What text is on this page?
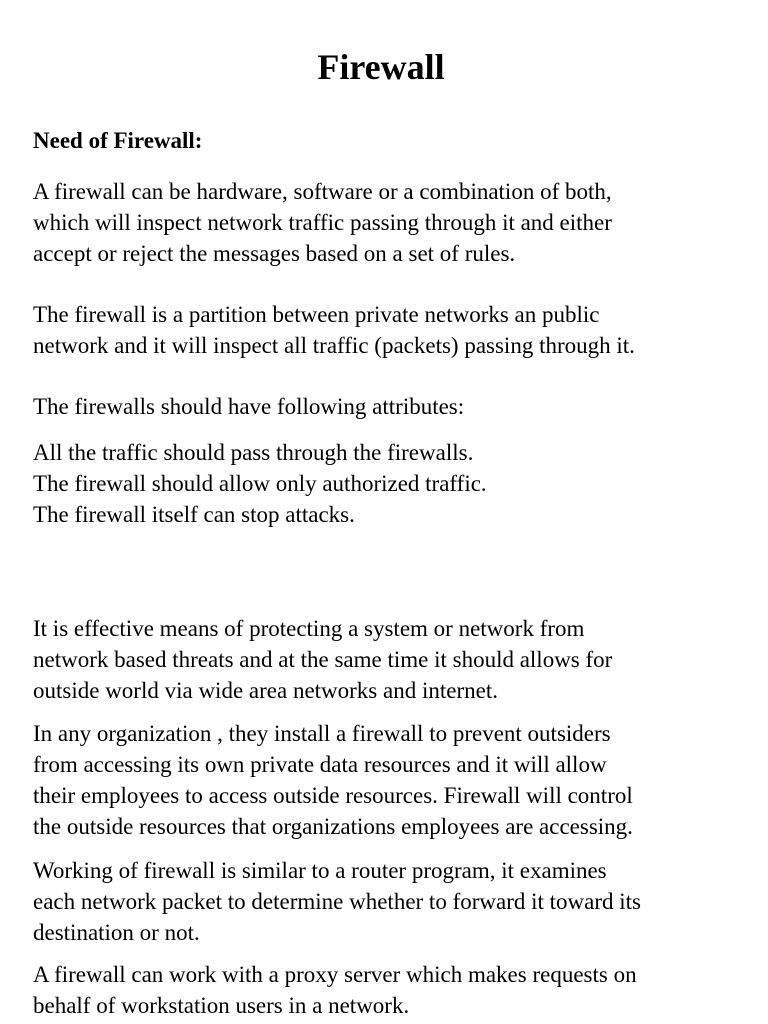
Firewall
Need of Firewall:

A firewall can be hardware, software or a combination of both,
which will inspect network traffic passing through it and either
accept or reject the messages based on a set of rules.

The firewall is a partition between private networks an public
network and it will inspect all traffic (packets) passing through it.

The firewalls should have following attributes:

All the traffic should pass through the firewalls.
The firewall should allow only authorized traffic.
The firewall itself can stop attacks.

It is effective means of protecting a system or network from
network based threats and at the same time it should allows for
outside world via wide area networks and internet.

In any organization , they install a firewall to prevent outsiders
from accessing its own private data resources and it will allow
their employees to access outside resources. Firewall will control
the outside resources that organizations employees are accessing.

Working of firewall is similar to a router program, it examines
each network packet to determine whether to forward it toward its
destination or not.

A firewall can work with a proxy server which makes requests on
behalf of workstation users in a network.
